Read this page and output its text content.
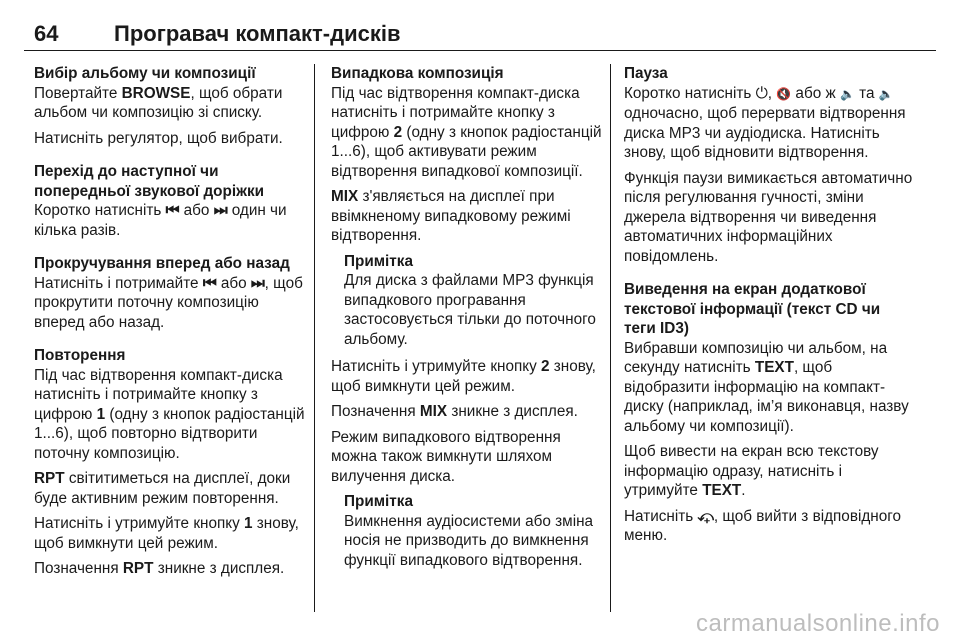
64	Програвач компакт-дисків
Вибір альбому чи композиції

Повертайте BROWSE, щоб обрати альбом чи композицію зі списку.

Натисніть регулятор, щоб вибрати.

Перехід до наступної чи попередньої звукової доріжки

Коротко натисніть ⏮ або ⏭ один чи кілька разів.

Прокручування вперед або назад

Натисніть і потримайте ⏮ або ⏭, щоб прокрутити поточну композицію вперед або назад.

Повторення

Під час відтворення компакт-диска натисніть і потримайте кнопку з цифрою 1 (одну з кнопок радіостанцій 1...6), щоб повторно відтворити поточну композицію.

RPT світитиметься на дисплеї, доки буде активним режим повторення.

Натисніть і утримуйте кнопку 1 знову, щоб вимкнути цей режим.

Позначення RPT зникне з дисплея.

Випадкова композиція

Під час відтворення компакт-диска натисніть і потримайте кнопку з цифрою 2 (одну з кнопок радіостанцій 1...6), щоб активувати режим відтворення випадкової композиції.

MIX з'являється на дисплеї при ввімкненому випадковому режимі відтворення.

Примітка

Для диска з файлами MP3 функція випадкового програвання застосовується тільки до поточного альбому.

Натисніть і утримуйте кнопку 2 знову, щоб вимкнути цей режим.

Позначення MIX зникне з дисплея.

Режим випадкового відтворення можна також вимкнути шляхом вилучення диска.

Примітка

Вимкнення аудіосистеми або зміна носія не призводить до вимкнення функції випадкового відтворення.

Пауза

Коротко натисніть ⏻, 🔇 або ж 🔈 та 🔈 одночасно, щоб перервати відтворення диска MP3 чи аудіодиска. Натисніть знову, щоб відновити відтворення.

Функція паузи вимикається автоматично після регулювання гучності, зміни джерела відтворення чи виведення автоматичних інформаційних повідомлень.

Виведення на екран додаткової текстової інформації (текст CD чи теги ID3)

Вибравши композицію чи альбом, на секунду натисніть TEXT, щоб відобразити інформацію на компакт-диску (наприклад, ім’я виконавця, назву альбому чи композиції).

Щоб вивести на екран всю текстову інформацію одразу, натисніть і утримуйте TEXT.

Натисніть ⤽, щоб вийти з відповідного меню.

carmanualsonline.info
